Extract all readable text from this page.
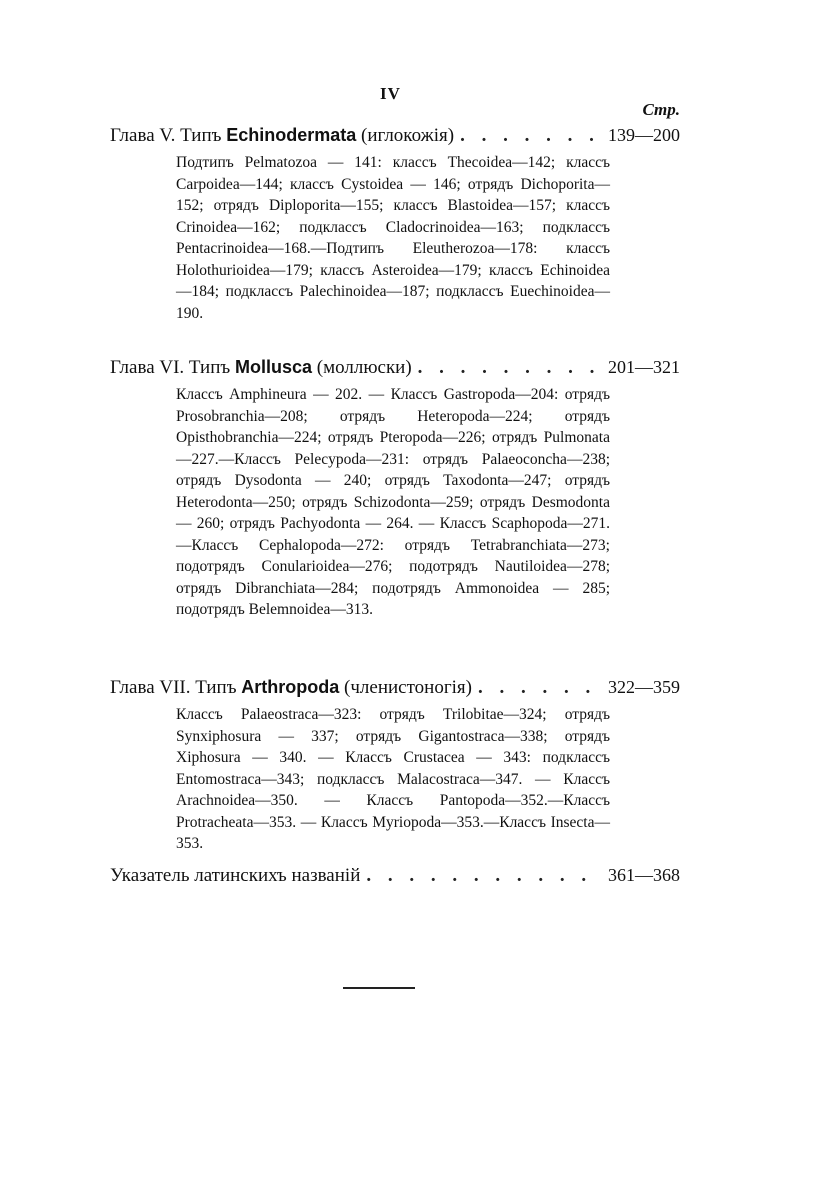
IV
Стр.
Глава V. Типъ Echinodermata (иглокожія) . . .	139—200
Подтипъ Pelmatozoa — 141: классъ Thecoidea—142; классъ Carpoidea—144; классъ Cystoidea — 146; отрядъ Dichoporita—152; отрядъ Diploporita—155; классъ Blastoidea—157; классъ Crinoidea—162; подклассъ Cladocrinoidea—163; подклассъ Pentacrinoidea—168.—Подтипъ Eleutherozoa—178: классъ Holothurioidea—179; классъ Asteroidea—179; классъ Echinoidea—184; подклассъ Palechinoidea—187; подклассъ Euechinoidea—190.
Глава VI. Типъ Mollusca (моллюски) . . .	201—321
Классъ Amphineura — 202. — Классъ Gastropoda—204: отрядъ Prosobranchia—208; отрядъ Heteropoda—224; отрядъ Opisthobranchia—224; отрядъ Pteropoda—226; отрядъ Pulmonata—227.—Классъ Pelecypoda—231: отрядъ Palaeoconcha—238; отрядъ Dysodonta — 240; отрядъ Taxodonta—247; отрядъ Heterodonta—250; отрядъ Schizodonta—259; отрядъ Desmodonta — 260; отрядъ Pachyodonta — 264. — Классъ Scaphopoda—271.—Классъ Cephalopoda—272: отрядъ Tetrabranchiata—273; подотрядъ Conularioidea—276; подотрядъ Nautiloidea—278; отрядъ Dibranchiata—284; подотрядъ Ammonoidea — 285; подотрядъ Belemnoidea—313.
Глава VII. Типъ Arthropoda (членистоногія) . . .	322—359
Классъ Palaeostraca—323: отрядъ Trilobitae—324; отрядъ Synxiphosura — 337; отрядъ Gigantostraca—338; отрядъ Xiphosura — 340. — Классъ Crustacea — 343: подклассъ Entomostraca—343; подклассъ Malacostraca—347. — Классъ Arachnoidea—350. — Классъ Pantopoda—352.—Классъ Protracheata—353. — Классъ Myriopoda—353.—Классъ Insecta—353.
Указатель латинскихъ названій . . .	361—368
